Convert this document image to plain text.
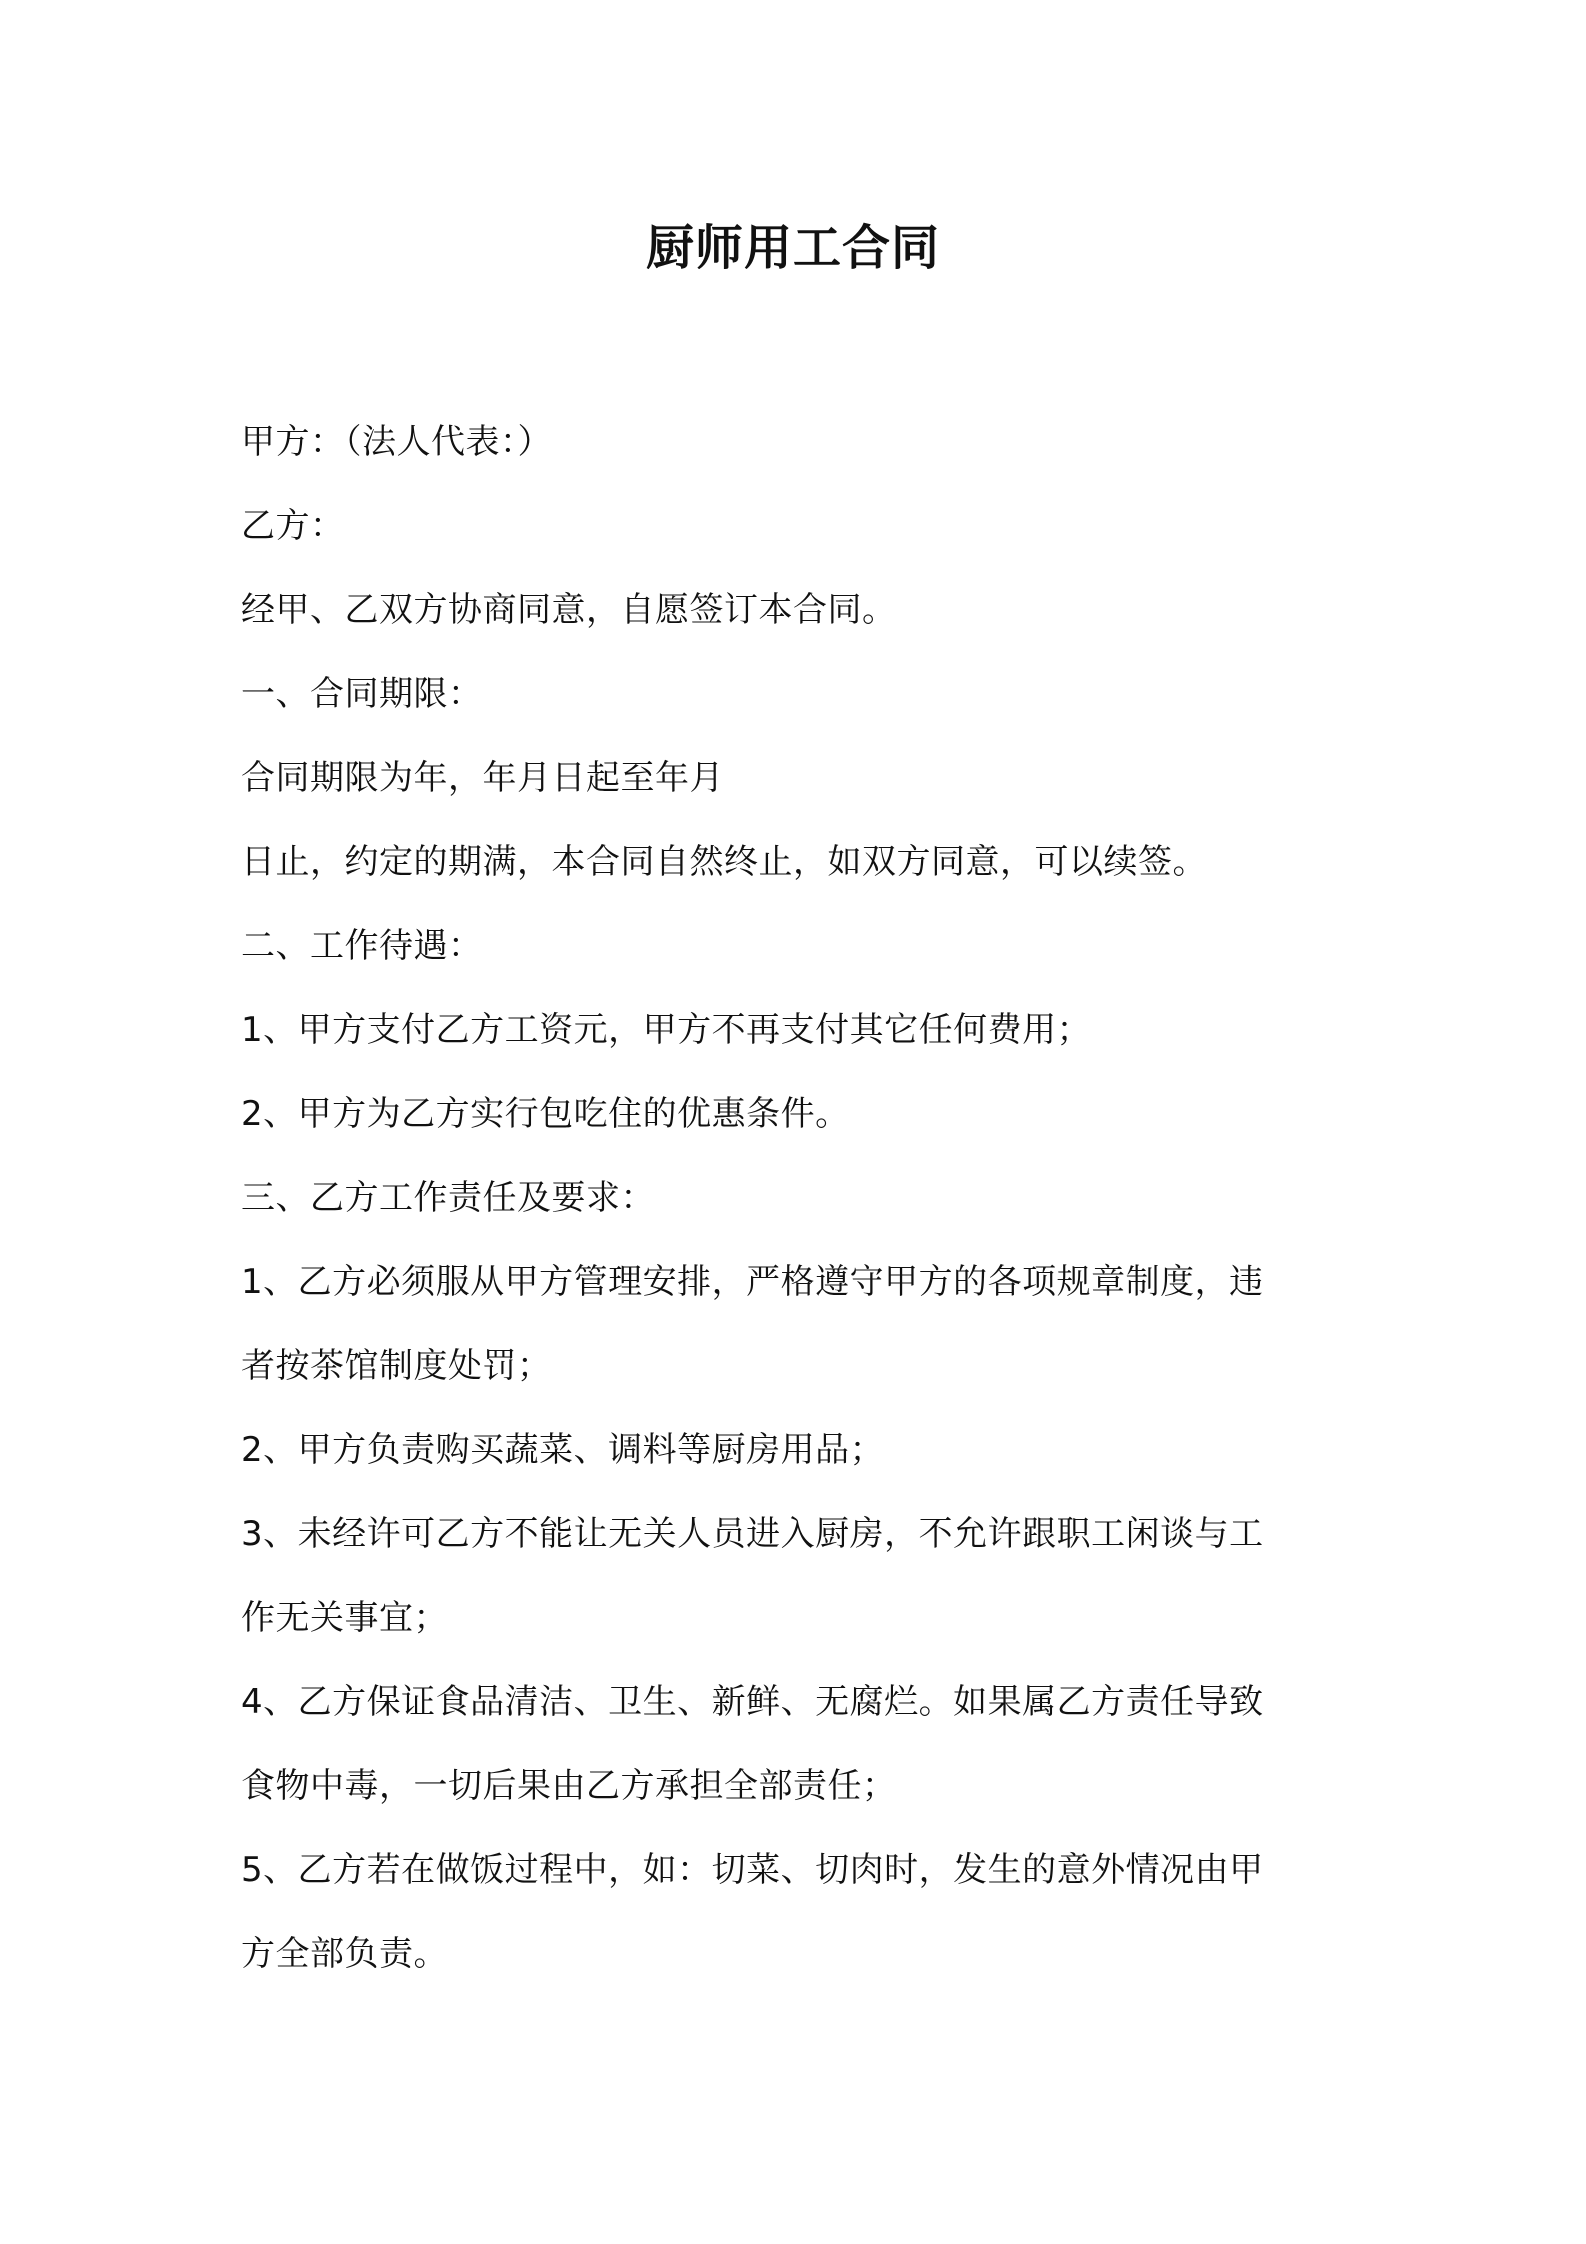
厨师用工合同
甲方：（法人代表：）
乙方：
经甲、乙双方协商同意，自愿签订本合同。
一、合同期限：
合同期限为年，年月日起至年月
日止，约定的期满，本合同自然终止，如双方同意，可以续签。
二、工作待遇：
1、甲方支付乙方工资元，甲方不再支付其它任何费用；
2、甲方为乙方实行包吃住的优惠条件。
三、乙方工作责任及要求：
1、乙方必须服从甲方管理安排，严格遵守甲方的各项规章制度，违
者按茶馆制度处罚；
2、甲方负责购买蔬菜、调料等厨房用品；
3、未经许可乙方不能让无关人员进入厨房，不允许跟职工闲谈与工
作无关事宜；
4、乙方保证食品清洁、卫生、新鲜、无腐烂。如果属乙方责任导致
食物中毒，一切后果由乙方承担全部责任；
5、乙方若在做饭过程中，如：切菜、切肉时，发生的意外情况由甲
方全部负责。
